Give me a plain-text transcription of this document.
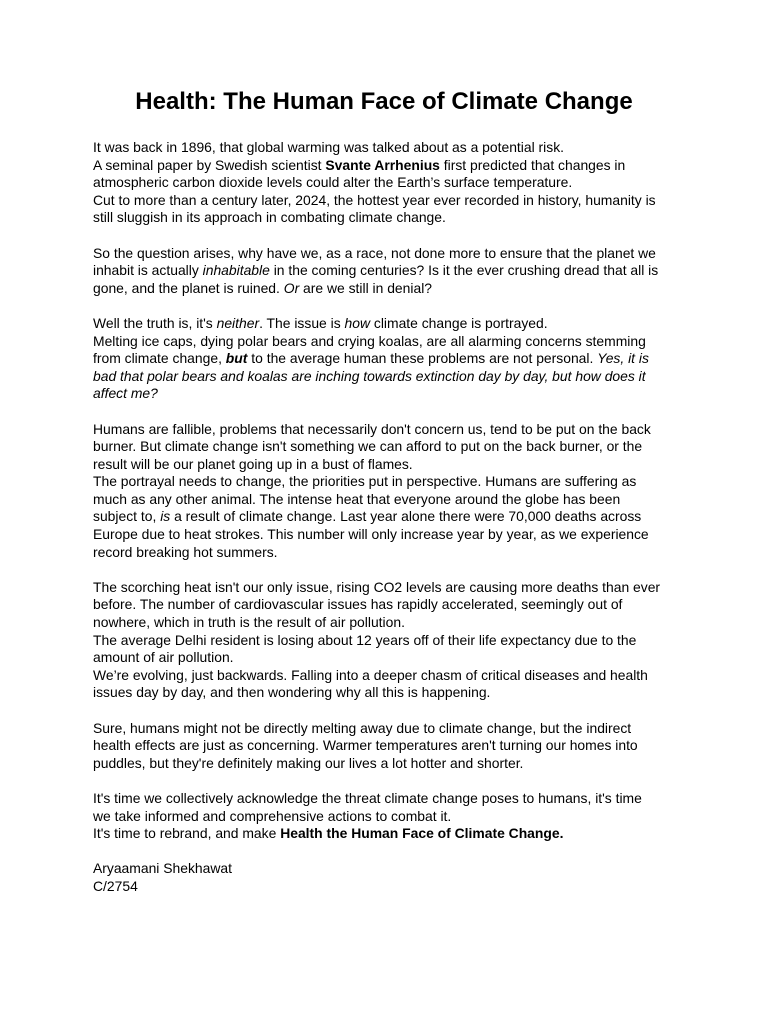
Health: The Human Face of Climate Change
It was back in 1896, that global warming was talked about as a potential risk.
A seminal paper by Swedish scientist Svante Arrhenius first predicted that changes in
atmospheric carbon dioxide levels could alter the Earth’s surface temperature.
Cut to more than a century later, 2024, the hottest year ever recorded in history, humanity is
still sluggish in its approach in combating climate change.
So the question arises, why have we, as a race, not done more to ensure that the planet we
inhabit is actually inhabitable in the coming centuries? Is it the ever crushing dread that all is
gone, and the planet is ruined. Or are we still in denial?
Well the truth is, it's neither. The issue is how climate change is portrayed.
Melting ice caps, dying polar bears and crying koalas, are all alarming concerns stemming
from climate change, but to the average human these problems are not personal. Yes, it is
bad that polar bears and koalas are inching towards extinction day by day, but how does it
affect me?
Humans are fallible, problems that necessarily don't concern us, tend to be put on the back
burner. But climate change isn't something we can afford to put on the back burner, or the
result will be our planet going up in a bust of flames.
The portrayal needs to change, the priorities put in perspective. Humans are suffering as
much as any other animal. The intense heat that everyone around the globe has been
subject to, is a result of climate change. Last year alone there were 70,000 deaths across
Europe due to heat strokes. This number will only increase year by year, as we experience
record breaking hot summers.
The scorching heat isn't our only issue, rising CO2 levels are causing more deaths than ever
before. The number of cardiovascular issues has rapidly accelerated, seemingly out of
nowhere, which in truth is the result of air pollution.
The average Delhi resident is losing about 12 years off of their life expectancy due to the
amount of air pollution.
We’re evolving, just backwards. Falling into a deeper chasm of critical diseases and health
issues day by day, and then wondering why all this is happening.
Sure, humans might not be directly melting away due to climate change, but the indirect
health effects are just as concerning. Warmer temperatures aren't turning our homes into
puddles, but they're definitely making our lives a lot hotter and shorter.
It's time we collectively acknowledge the threat climate change poses to humans, it's time
we take informed and comprehensive actions to combat it.
It's time to rebrand, and make Health the Human Face of Climate Change.
Aryaamani Shekhawat
C/2754
